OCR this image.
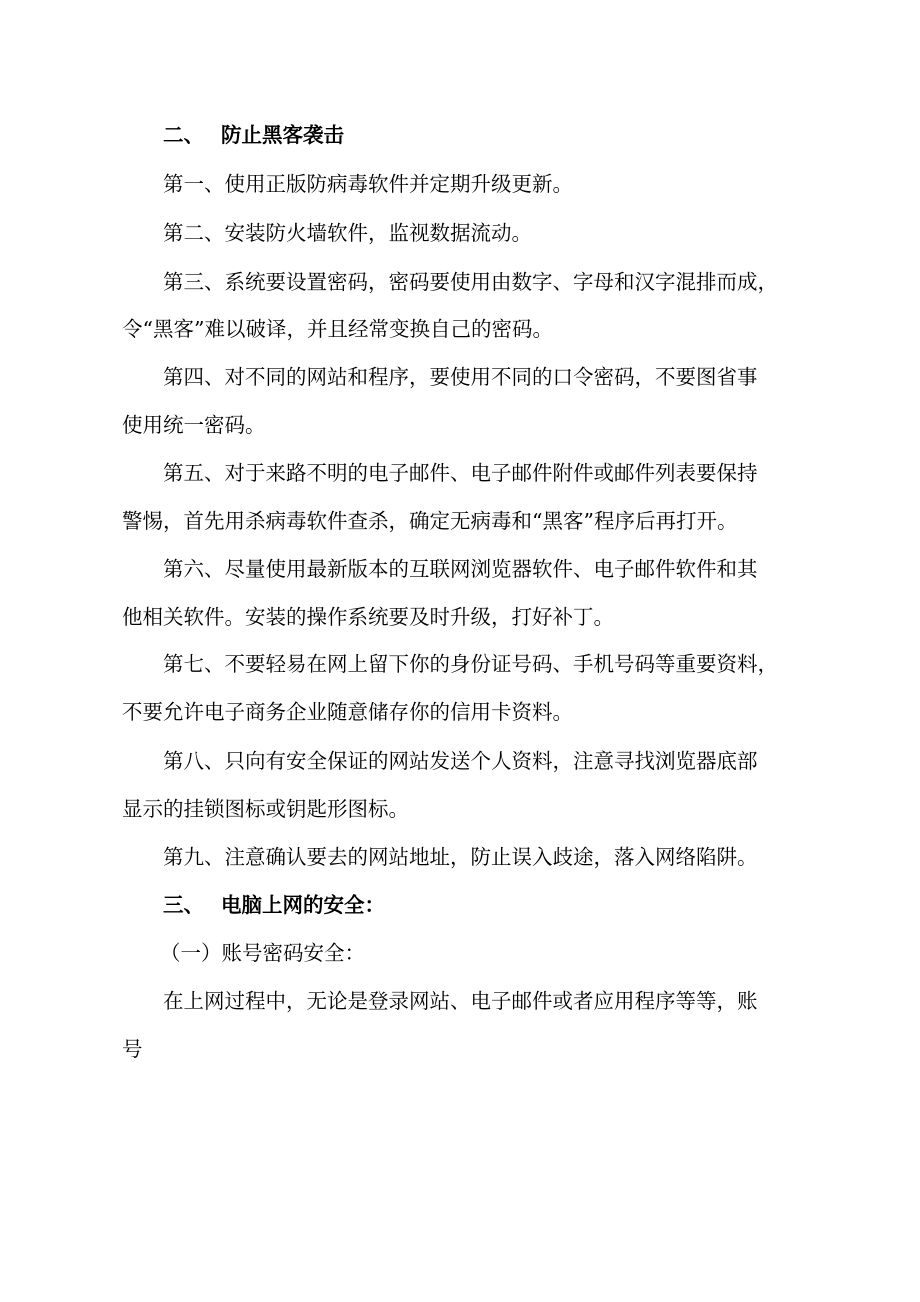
二、 防止黑客袭击
第一、使用正版防病毒软件并定期升级更新。
第二、安装防火墙软件，监视数据流动。
第三、系统要设置密码，密码要使用由数字、字母和汉字混排而成，
令“黑客”难以破译，并且经常变换自己的密码。
第四、对不同的网站和程序，要使用不同的口令密码，不要图省事
使用统一密码。
第五、对于来路不明的电子邮件、电子邮件附件或邮件列表要保持
警惕，首先用杀病毒软件查杀，确定无病毒和“黑客”程序后再打开。
第六、尽量使用最新版本的互联网浏览器软件、电子邮件软件和其
他相关软件。安装的操作系统要及时升级，打好补丁。
第七、不要轻易在网上留下你的身份证号码、手机号码等重要资料，
不要允许电子商务企业随意储存你的信用卡资料。
第八、只向有安全保证的网站发送个人资料，注意寻找浏览器底部
显示的挂锁图标或钥匙形图标。
第九、注意确认要去的网站地址，防止误入歧途，落入网络陷阱。
三、 电脑上网的安全：
（一）账号密码安全：
在上网过程中，无论是登录网站、电子邮件或者应用程序等等，账
号
